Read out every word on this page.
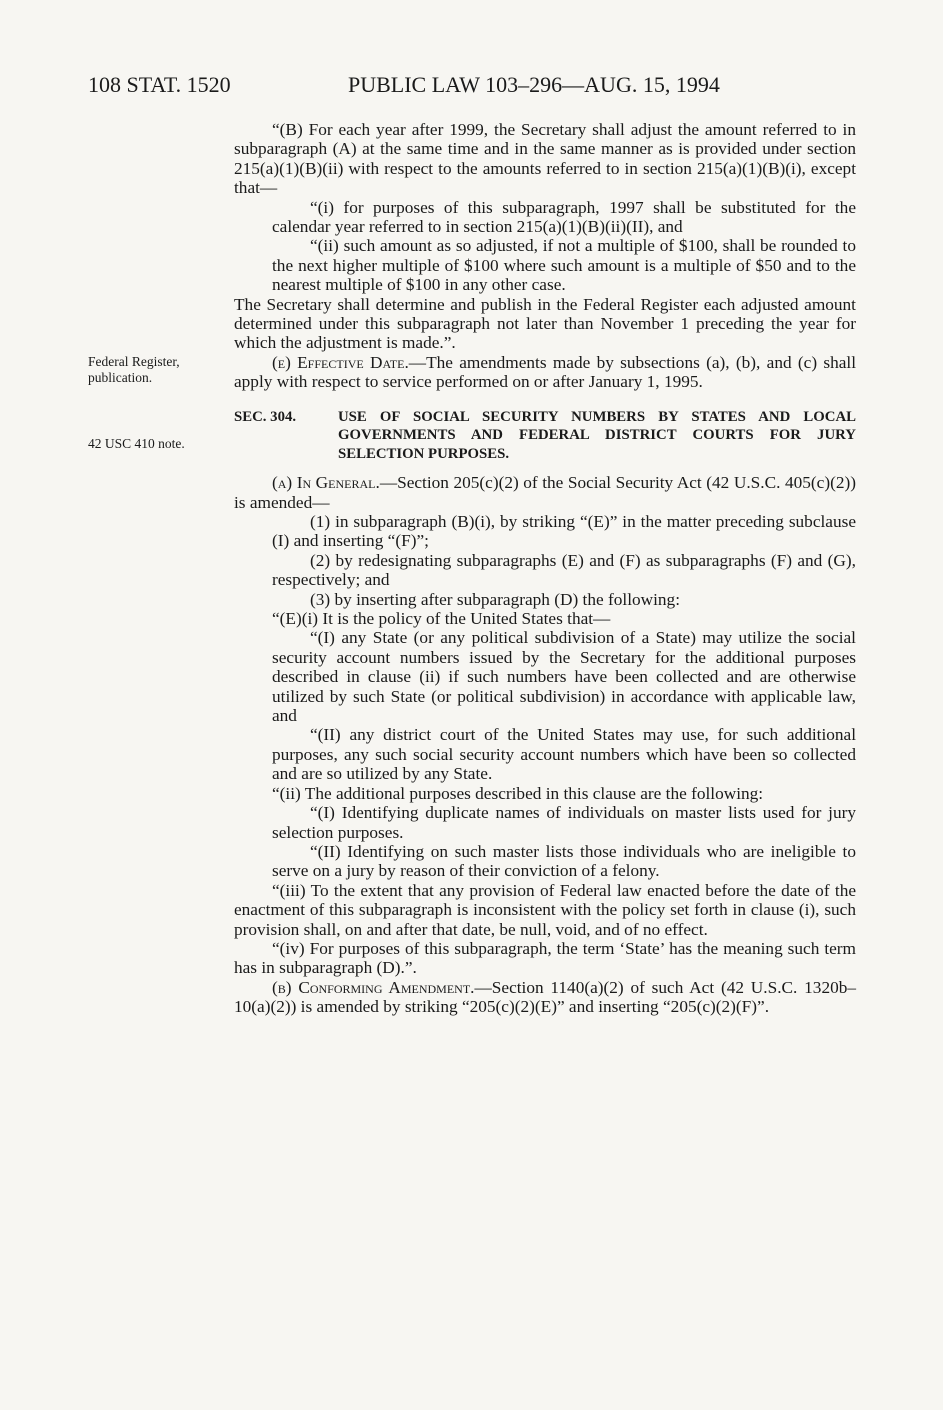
108 STAT. 1520	PUBLIC LAW 103–296—AUG. 15, 1994
Federal Register, publication.
42 USC 410 note.

“(B) For each year after 1999, the Secretary shall adjust the amount referred to in subparagraph (A) at the same time and in the same manner as is provided under section 215(a)(1)(B)(ii) with respect to the amounts referred to in section 215(a)(1)(B)(i), except that—

“(i) for purposes of this subparagraph, 1997 shall be substituted for the calendar year referred to in section 215(a)(1)(B)(ii)(II), and

“(ii) such amount as so adjusted, if not a multiple of $100, shall be rounded to the next higher multiple of $100 where such amount is a multiple of $50 and to the nearest multiple of $100 in any other case.

The Secretary shall determine and publish in the Federal Register each adjusted amount determined under this subparagraph not later than November 1 preceding the year for which the adjustment is made.”.

(e) Effective Date.—The amendments made by subsections (a), (b), and (c) shall apply with respect to service performed on or after January 1, 1995.

SEC. 304.	USE OF SOCIAL SECURITY NUMBERS BY STATES AND LOCAL GOVERNMENTS AND FEDERAL DISTRICT COURTS FOR JURY SELECTION PURPOSES.

(a) In General.—Section 205(c)(2) of the Social Security Act (42 U.S.C. 405(c)(2)) is amended—

(1) in subparagraph (B)(i), by striking “(E)” in the matter preceding subclause (I) and inserting “(F)”;

(2) by redesignating subparagraphs (E) and (F) as subparagraphs (F) and (G), respectively; and

(3) by inserting after subparagraph (D) the following:

“(E)(i) It is the policy of the United States that—

“(I) any State (or any political subdivision of a State) may utilize the social security account numbers issued by the Secretary for the additional purposes described in clause (ii) if such numbers have been collected and are otherwise utilized by such State (or political subdivision) in accordance with applicable law, and

“(II) any district court of the United States may use, for such additional purposes, any such social security account numbers which have been so collected and are so utilized by any State.

“(ii) The additional purposes described in this clause are the following:

“(I) Identifying duplicate names of individuals on master lists used for jury selection purposes.

“(II) Identifying on such master lists those individuals who are ineligible to serve on a jury by reason of their conviction of a felony.

“(iii) To the extent that any provision of Federal law enacted before the date of the enactment of this subparagraph is inconsistent with the policy set forth in clause (i), such provision shall, on and after that date, be null, void, and of no effect.

“(iv) For purposes of this subparagraph, the term ‘State’ has the meaning such term has in subparagraph (D).”.

(b) Conforming Amendment.—Section 1140(a)(2) of such Act (42 U.S.C. 1320b–10(a)(2)) is amended by striking “205(c)(2)(E)” and inserting “205(c)(2)(F)”.
